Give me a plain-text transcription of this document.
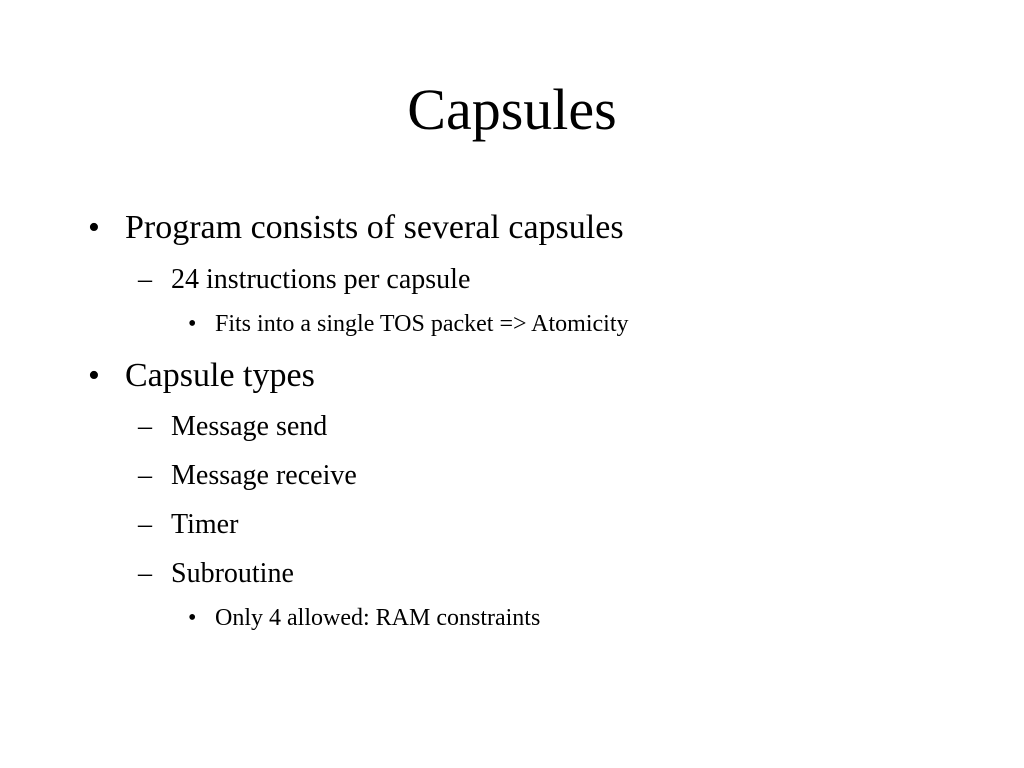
Capsules
• Program consists of several capsules
– 24 instructions per capsule
• Fits into a single TOS packet => Atomicity
• Capsule types
– Message send
– Message receive
– Timer
– Subroutine
• Only 4 allowed: RAM constraints
